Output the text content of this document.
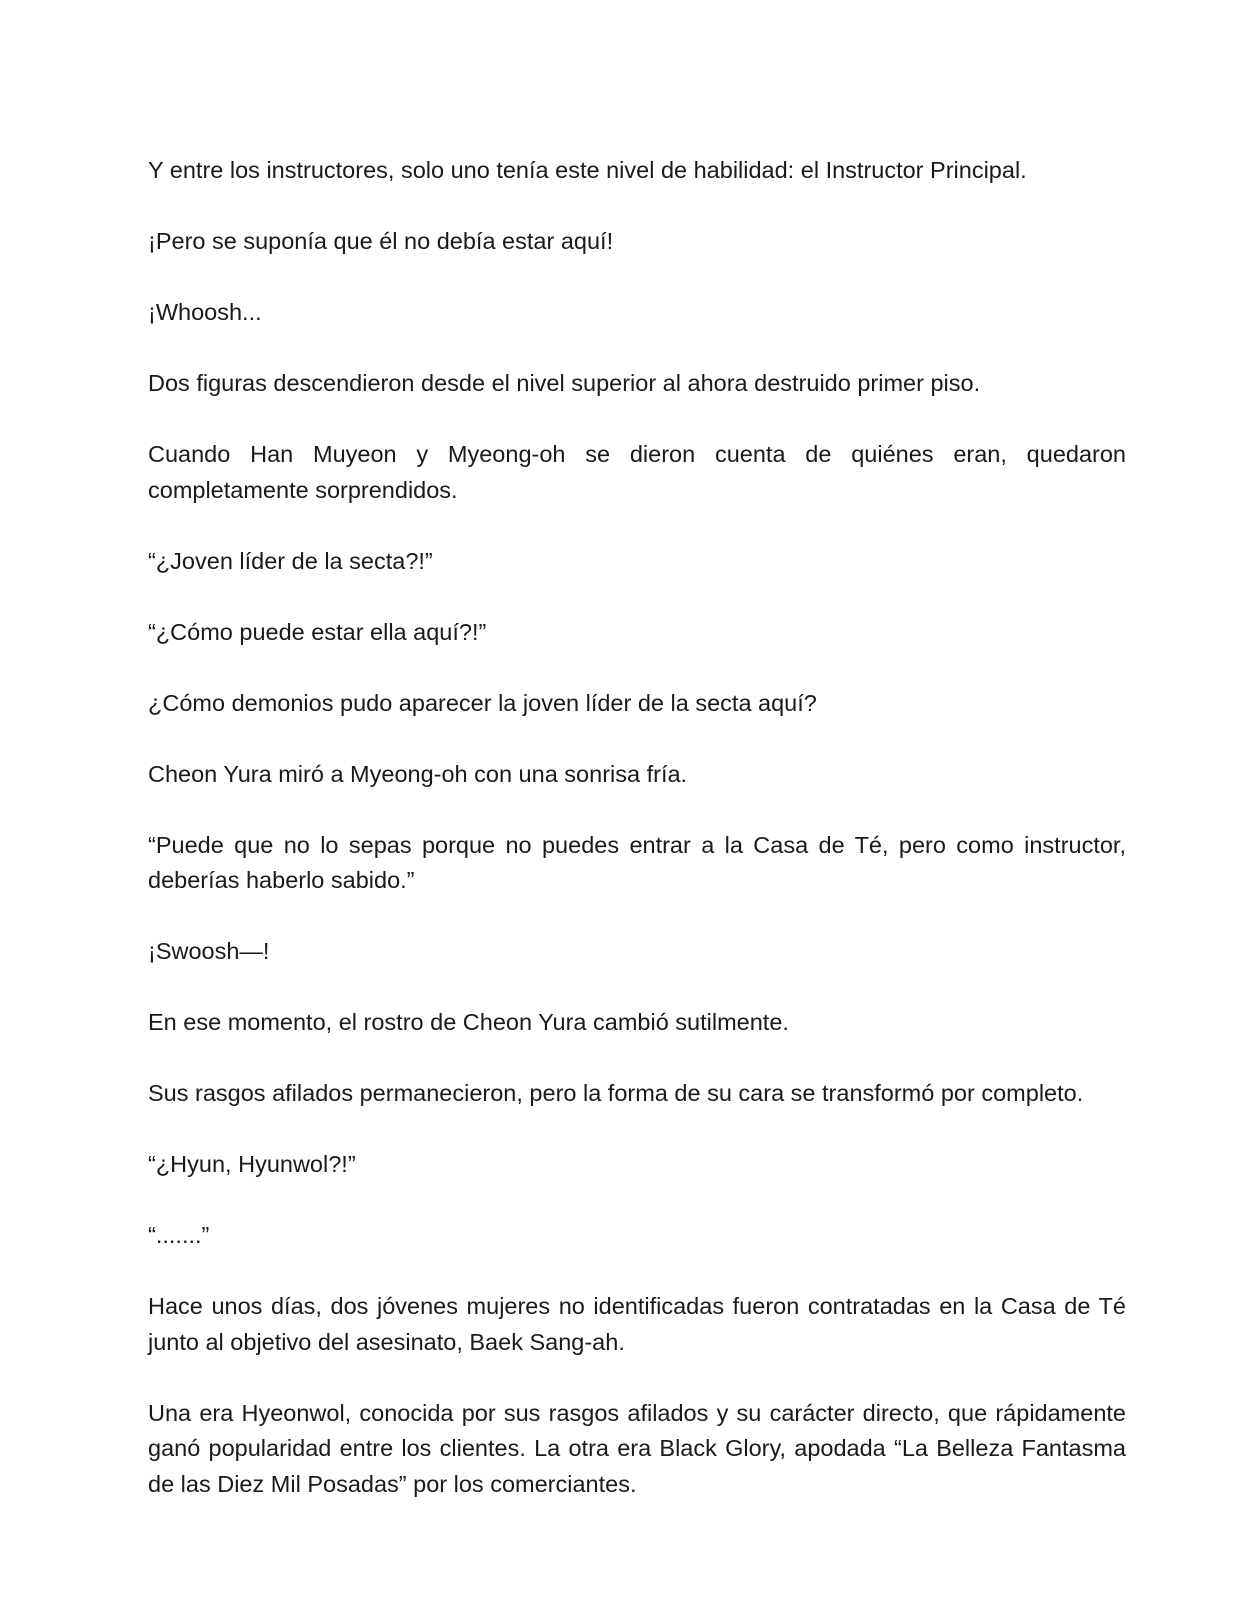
Y entre los instructores, solo uno tenía este nivel de habilidad: el Instructor Principal.

¡Pero se suponía que él no debía estar aquí!

¡Whoosh...

Dos figuras descendieron desde el nivel superior al ahora destruido primer piso.

Cuando Han Muyeon y Myeong-oh se dieron cuenta de quiénes eran, quedaron completamente sorprendidos.

“¿Joven líder de la secta?!”

“¿Cómo puede estar ella aquí?!”

¿Cómo demonios pudo aparecer la joven líder de la secta aquí?

Cheon Yura miró a Myeong-oh con una sonrisa fría.

“Puede que no lo sepas porque no puedes entrar a la Casa de Té, pero como instructor, deberías haberlo sabido.”

¡Swoosh—!

En ese momento, el rostro de Cheon Yura cambió sutilmente.

Sus rasgos afilados permanecieron, pero la forma de su cara se transformó por completo.

“¿Hyun, Hyunwol?!”

“.......”

Hace unos días, dos jóvenes mujeres no identificadas fueron contratadas en la Casa de Té junto al objetivo del asesinato, Baek Sang-ah.

Una era Hyeonwol, conocida por sus rasgos afilados y su carácter directo, que rápidamente ganó popularidad entre los clientes. La otra era Black Glory, apodada “La Belleza Fantasma de las Diez Mil Posadas” por los comerciantes.
